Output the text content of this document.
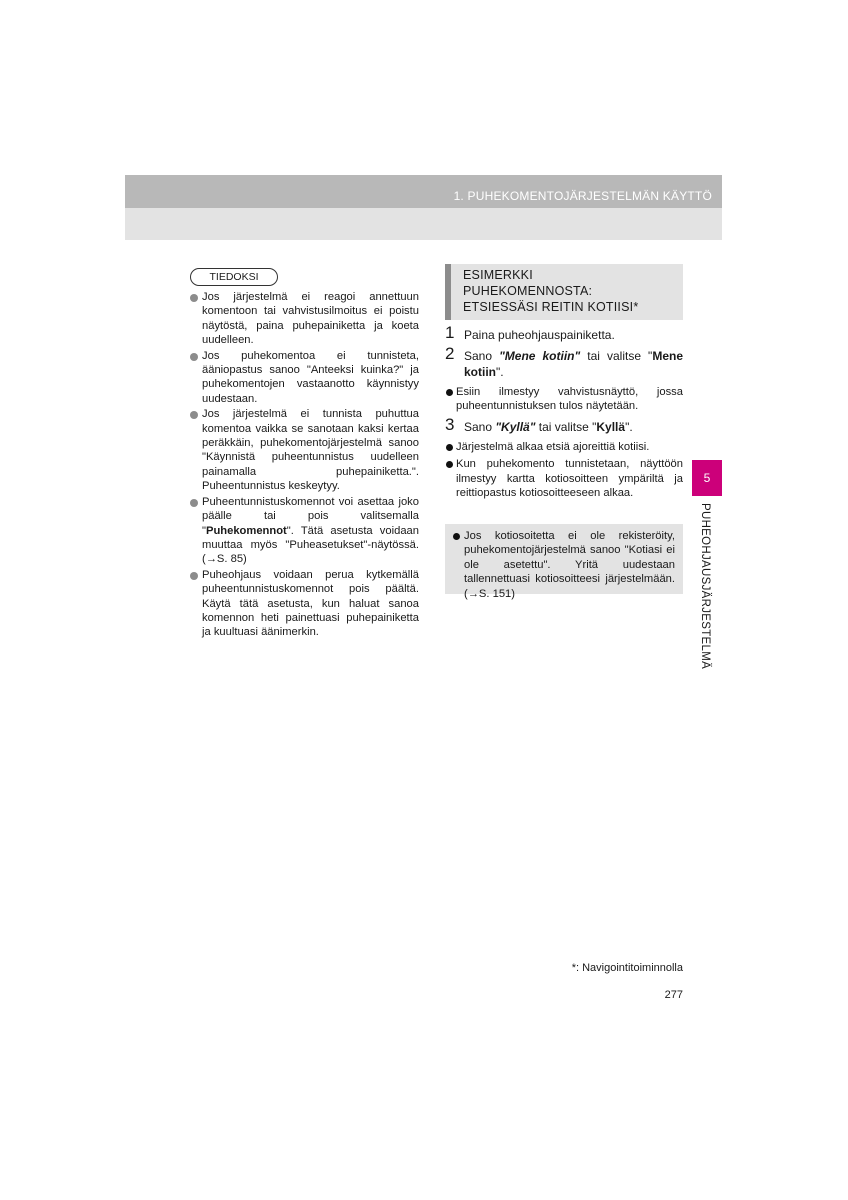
1. PUHEKOMENTOJÄRJESTELMÄN KÄYTTÖ
TIEDOKSI
Jos järjestelmä ei reagoi annettuun komentoon tai vahvistusilmoitus ei poistu näytöstä, paina puhepainiketta ja koeta uudelleen.
Jos puhekomentoa ei tunnisteta, ääniopastus sanoo "Anteeksi kuinka?" ja puhekomentojen vastaanotto käynnistyy uudestaan.
Jos järjestelmä ei tunnista puhuttua komentoa vaikka se sanotaan kaksi kertaa peräkkäin, puhekomentojärjestelmä sanoo "Käynnistä puheentunnistus uudelleen painamalla puhepainiketta.". Puheentunnistus keskeytyy.
Puheentunnistuskomennot voi asettaa joko päälle tai pois valitsemalla "Puhekomennot". Tätä asetusta voidaan muuttaa myös "Puheasetukset"-näytössä. (→S. 85)
Puheohjaus voidaan perua kytkemällä puheentunnistuskomennot pois päältä. Käytä tätä asetusta, kun haluat sanoa komennon heti painettuasi puhepainiketta ja kuultuasi äänimerkin.
ESIMERKKI
PUHEKOMENNOSTA:
ETSIESSÄSI REITIN KOTIISI*
1 Paina puheohjauspainiketta.
2 Sano "Mene kotiin" tai valitse "Mene kotiin".
Esiin ilmestyy vahvistusnäyttö, jossa puheentunnistuksen tulos näytetään.
3 Sano "Kyllä" tai valitse "Kyllä".
Järjestelmä alkaa etsiä ajoreittiä kotiisi.
Kun puhekomento tunnistetaan, näyttöön ilmestyy kartta kotiosoitteen ympäriltä ja reittiopastus kotiosoitteeseen alkaa.
Jos kotiosoitetta ei ole rekisteröity, puhekomentojärjestelmä sanoo "Kotiasi ei ole asetettu". Yritä uudestaan tallennettuasi kotiosoitteesi järjestelmään. (→S. 151)
5
PUHEOHJAUSJÄRJESTELMÄ
*: Navigointitoiminnolla
277
